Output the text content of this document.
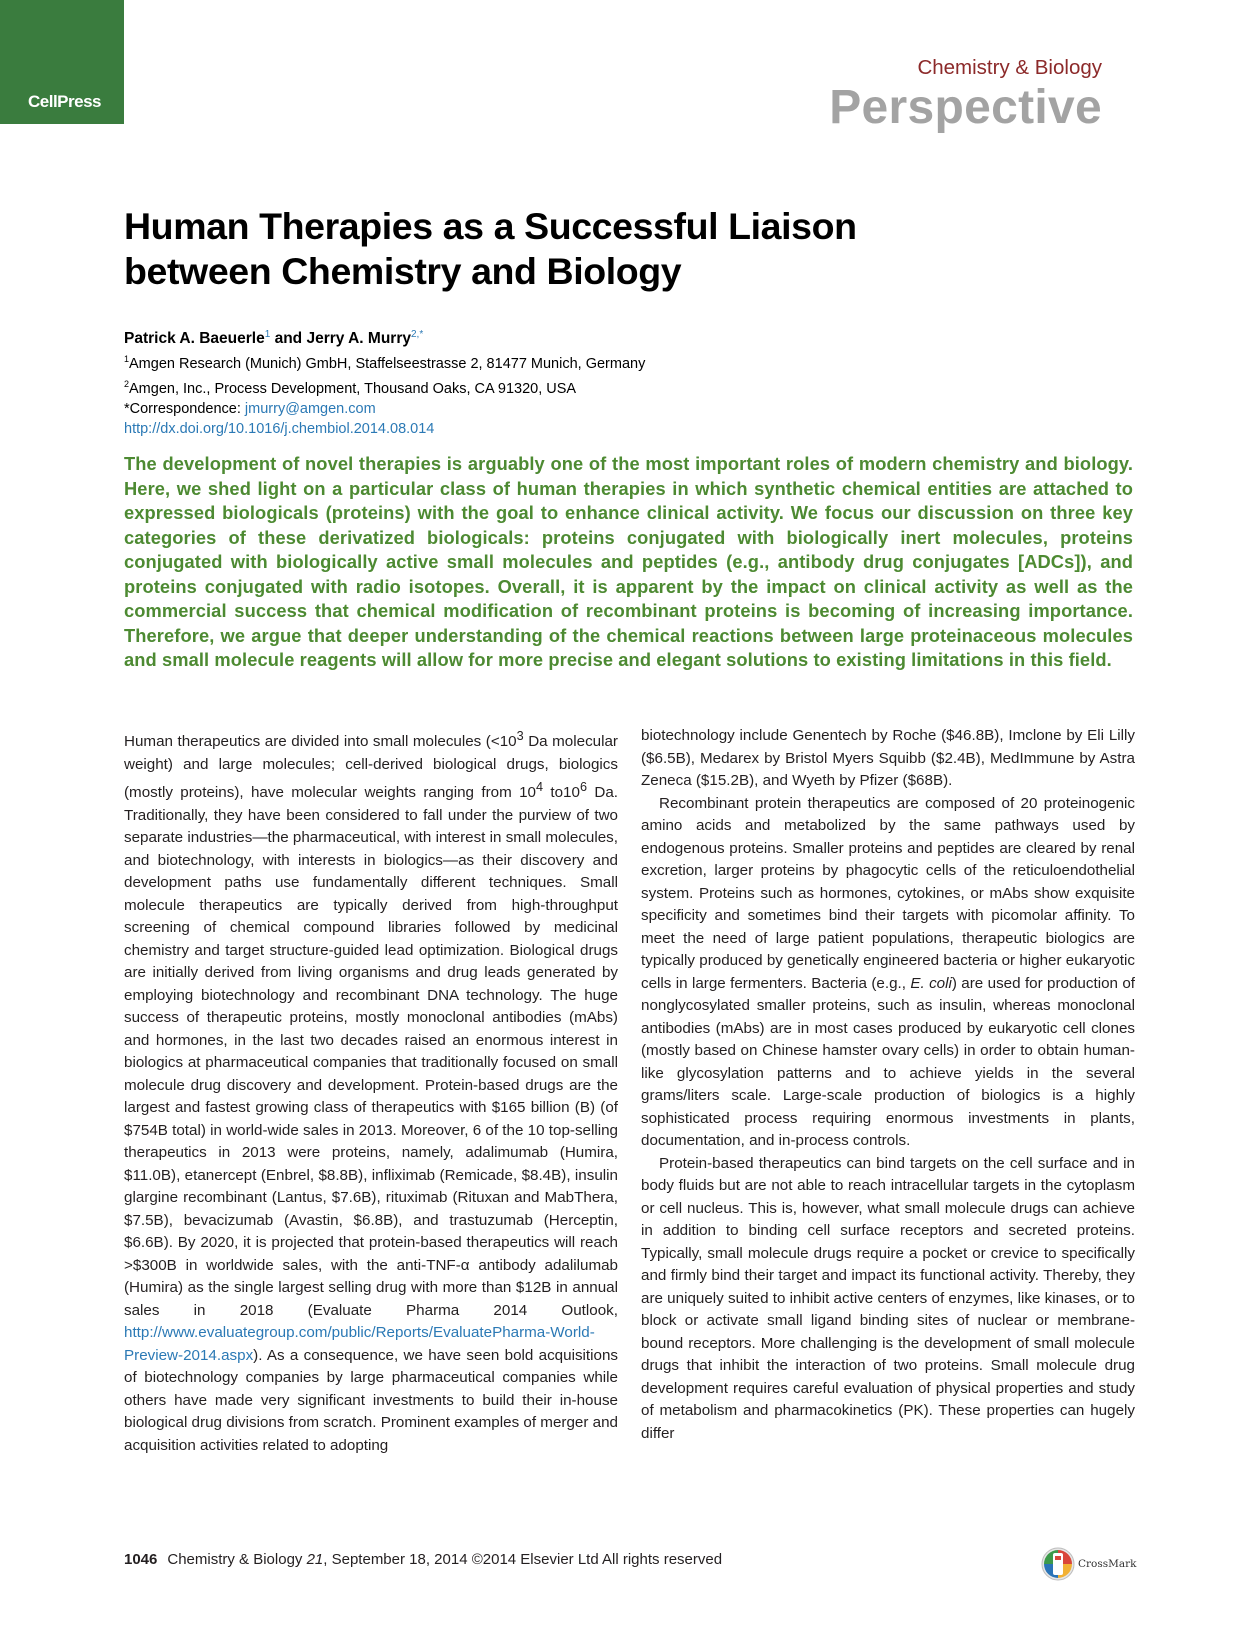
CellPress
Chemistry & Biology
Perspective
Human Therapies as a Successful Liaison
between Chemistry and Biology
Patrick A. Baeuerle$^1$ and Jerry A. Murry$^{2,*}$
$^1$Amgen Research (Munich) GmbH, Staffelseestrasse 2, 81477 Munich, Germany
$^2$Amgen, Inc., Process Development, Thousand Oaks, CA 91320, USA
*Correspondence: jmurry@amgen.com
http://dx.doi.org/10.1016/j.chembiol.2014.08.014

The development of novel therapies is arguably one of the most important roles of modern chemistry and biology. Here, we shed light on a particular class of human therapies in which synthetic chemical entities are attached to expressed biologicals (proteins) with the goal to enhance clinical activity. We focus our discussion on three key categories of these derivatized biologicals: proteins conjugated with biologically inert molecules, proteins conjugated with biologically active small molecules and peptides (e.g., antibody drug conjugates [ADCs]), and proteins conjugated with radio isotopes. Overall, it is apparent by the impact on clinical activity as well as the commercial success that chemical modification of recombinant proteins is becoming of increasing importance. Therefore, we argue that deeper understanding of the chemical reactions between large proteinaceous molecules and small molecule reagents will allow for more precise and elegant solutions to existing limitations in this field.

Human therapeutics are divided into small molecules ($<10^3$ Da molecular weight) and large molecules; cell-derived biological drugs, biologics (mostly proteins), have molecular weights ranging from $10^4$ $to10^6$ Da. Traditionally, they have been considered to fall under the purview of two separate industries—the pharmaceutical, with interest in small molecules, and biotechnology, with interests in biologics—as their discovery and development paths use fundamentally different techniques. Small molecule therapeutics are typically derived from high-throughput screening of chemical compound libraries followed by medicinal chemistry and target structure-guided lead optimization. Biological drugs are initially derived from living organisms and drug leads generated by employing biotechnology and recombinant DNA technology. The huge success of therapeutic proteins, mostly monoclonal antibodies (mAbs) and hormones, in the last two decades raised an enormous interest in biologics at pharmaceutical companies that traditionally focused on small molecule drug discovery and development. Protein-based drugs are the largest and fastest growing class of therapeutics with $165 billion (B) (of $754B total) in world-wide sales in 2013. Moreover, 6 of the 10 top-selling therapeutics in 2013 were proteins, namely, adalimumab (Humira, $11.0B), etanercept (Enbrel, $8.8B), infliximab (Remicade, $8.4B), insulin glargine recombinant (Lantus, $7.6B), rituximab (Rituxan and MabThera, $7.5B), bevacizumab (Avastin, $6.8B), and trastuzumab (Herceptin, $6.6B). By 2020, it is projected that protein-based therapeutics will reach >$300B in worldwide sales, with the anti-TNF-α antibody adalilumab (Humira) as the single largest selling drug with more than $12B in annual sales in 2018 (Evaluate Pharma 2014 Outlook, http://www.evaluategroup.com/public/Reports/EvaluatePharma-World-Preview-2014.aspx). As a consequence, we have seen bold acquisitions of biotechnology companies by large pharmaceutical companies while others have made very significant investments to build their in-house biological drug divisions from scratch. Prominent examples of merger and acquisition activities related to adopting

biotechnology include Genentech by Roche ($46.8B), Imclone by Eli Lilly ($6.5B), Medarex by Bristol Myers Squibb ($2.4B), MedImmune by Astra Zeneca ($15.2B), and Wyeth by Pfizer ($68B).

Recombinant protein therapeutics are composed of 20 proteinogenic amino acids and metabolized by the same pathways used by endogenous proteins. Smaller proteins and peptides are cleared by renal excretion, larger proteins by phagocytic cells of the reticuloendothelial system. Proteins such as hormones, cytokines, or mAbs show exquisite specificity and sometimes bind their targets with picomolar affinity. To meet the need of large patient populations, therapeutic biologics are typically produced by genetically engineered bacteria or higher eukaryotic cells in large fermenters. Bacteria (e.g., E. coli) are used for production of nonglycosylated smaller proteins, such as insulin, whereas monoclonal antibodies (mAbs) are in most cases produced by eukaryotic cell clones (mostly based on Chinese hamster ovary cells) in order to obtain human-like glycosylation patterns and to achieve yields in the several grams/liters scale. Large-scale production of biologics is a highly sophisticated process requiring enormous investments in plants, documentation, and in-process controls.

Protein-based therapeutics can bind targets on the cell surface and in body fluids but are not able to reach intracellular targets in the cytoplasm or cell nucleus. This is, however, what small molecule drugs can achieve in addition to binding cell surface receptors and secreted proteins. Typically, small molecule drugs require a pocket or crevice to specifically and firmly bind their target and impact its functional activity. Thereby, they are uniquely suited to inhibit active centers of enzymes, like kinases, or to block or activate small ligand binding sites of nuclear or membrane-bound receptors. More challenging is the development of small molecule drugs that inhibit the interaction of two proteins. Small molecule drug development requires careful evaluation of physical properties and study of metabolism and pharmacokinetics (PK). These properties can hugely differ

1046 Chemistry & Biology 21, September 18, 2014 ©2014 Elsevier Ltd All rights reserved	CrossMark
